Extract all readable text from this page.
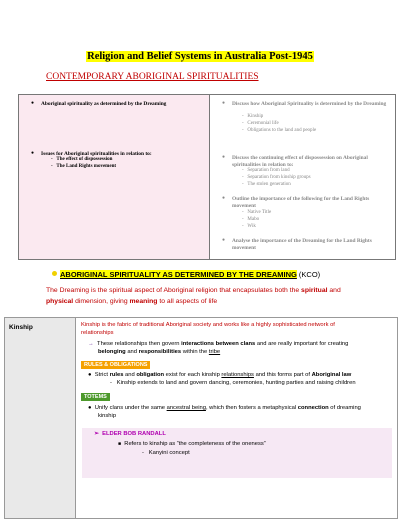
Religion and Belief Systems in Australia Post-1945
CONTEMPORARY ABORIGINAL SPIRITUALITIES
● Aboriginal spirituality as determined by the Dreaming
● Issues for Aboriginal spiritualities in relation to:
-   The effect of dispossession
-   The Land Rights movement
● Discuss how Aboriginal Spirituality is determined by the Dreaming
-   Kinship
-   Ceremonial life
-   Obligations to the land and people
● Discuss the continuing effect of dispossession on Aboriginal spiritualities in relation to:
-   Separation from land
-   Separation from kinship groups
-   The stolen generation
● Outline the importance of the following for the Land Rights movement
-   Native Title
-   Mabo
-   Wik
● Analyse the importance of the Dreaming for the Land Rights movement
ABORIGINAL SPIRITUALITY AS DETERMINED BY THE DREAMING (KCO)
The Dreaming is the spiritual aspect of Aboriginal religion that encapsulates both the spiritual and
physical dimension, giving meaning to all aspects of life
Kinship	Kinship is the fabric of traditional Aboriginal society and works like a highly sophisticated network of
relationships
→ These relationships then govern interactions between clans and are really important for creating
belonging and responsibilities within the tribe
RULES & OBLIGATIONS
● Strict rules and obligation exist for each kinship relationships and this forms part of Aboriginal law
-   Kinship extends to land and govern dancing, ceremonies, hunting parties and raising children
TOTEMS
● Unify clans under the same ancestral being, which then fosters a metaphysical connection of dreaming
kinship
➢ ELDER BOB RANDALL
■ Refers to kinship as “the completeness of the oneness”
-   Kanyini concept
